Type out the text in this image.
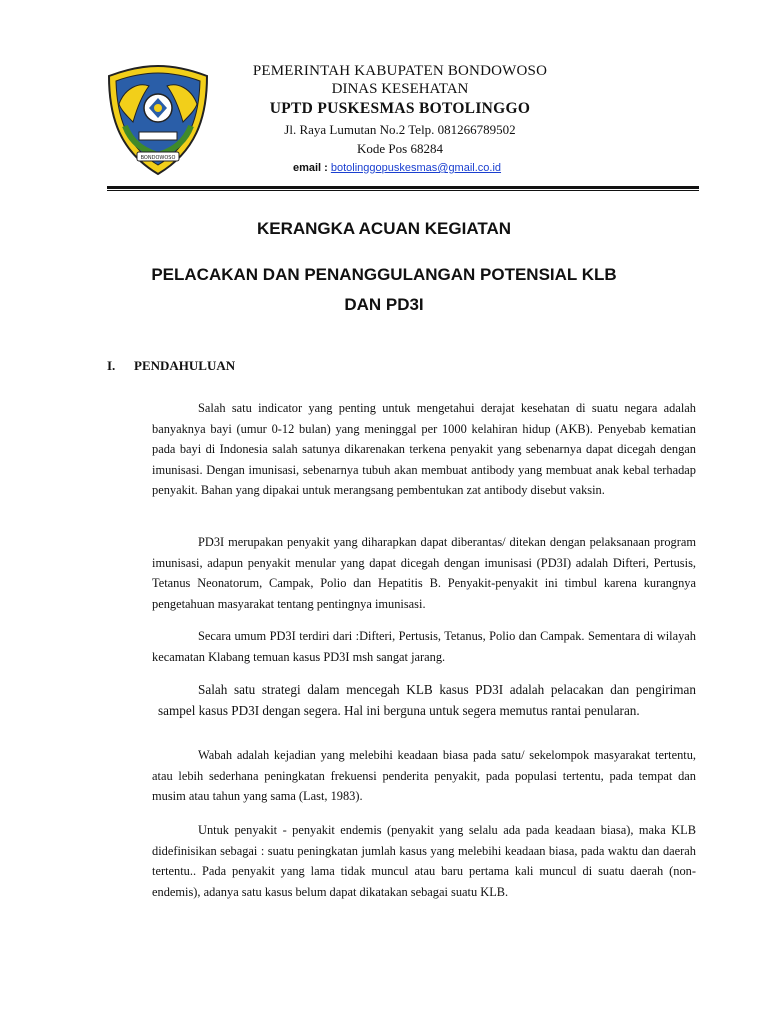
BONDOWOSO
PEMERINTAH KABUPATEN BONDOWOSO
DINAS KESEHATAN
UPTD PUSKESMAS BOTOLINGGO
Jl. Raya Lumutan No.2 Telp. 081266789502
Kode Pos 68284
email : botolinggopuskesmas@gmail.co.id
KERANGKA ACUAN KEGIATAN
PELACAKAN DAN PENANGGULANGAN POTENSIAL KLB
DAN PD3I
I. PENDAHULUAN
Salah satu indicator yang penting untuk mengetahui derajat kesehatan di suatu negara adalah banyaknya bayi (umur 0-12 bulan) yang meninggal per 1000 kelahiran hidup (AKB). Penyebab kematian pada bayi di Indonesia salah satunya dikarenakan terkena penyakit yang sebenarnya dapat dicegah dengan imunisasi. Dengan imunisasi, sebenarnya tubuh akan membuat antibody yang membuat anak kebal terhadap penyakit. Bahan yang dipakai untuk merangsang pembentukan zat antibody disebut vaksin.
PD3I merupakan penyakit yang diharapkan dapat diberantas/ ditekan dengan pelaksanaan program imunisasi, adapun penyakit menular yang dapat dicegah dengan imunisasi (PD3I) adalah Difteri, Pertusis, Tetanus Neonatorum, Campak, Polio dan Hepatitis B. Penyakit-penyakit ini timbul karena kurangnya pengetahuan masyarakat tentang pentingnya imunisasi.
Secara umum PD3I terdiri dari :Difteri, Pertusis, Tetanus, Polio dan Campak. Sementara di wilayah kecamatan Klabang temuan kasus PD3I msh sangat jarang.
Salah satu strategi dalam mencegah KLB kasus PD3I adalah pelacakan dan pengiriman sampel kasus PD3I dengan segera. Hal ini berguna untuk segera memutus rantai penularan.
Wabah adalah kejadian yang melebihi keadaan biasa pada satu/ sekelompok masyarakat tertentu, atau lebih sederhana peningkatan frekuensi penderita penyakit, pada populasi tertentu, pada tempat dan musim atau tahun yang sama (Last, 1983).
Untuk penyakit - penyakit endemis (penyakit yang selalu ada pada keadaan biasa), maka KLB didefinisikan sebagai : suatu peningkatan jumlah kasus yang melebihi keadaan biasa, pada waktu dan daerah tertentu.. Pada penyakit yang lama tidak muncul atau baru pertama kali muncul di suatu daerah (non-endemis), adanya satu kasus belum dapat dikatakan sebagai suatu KLB.
